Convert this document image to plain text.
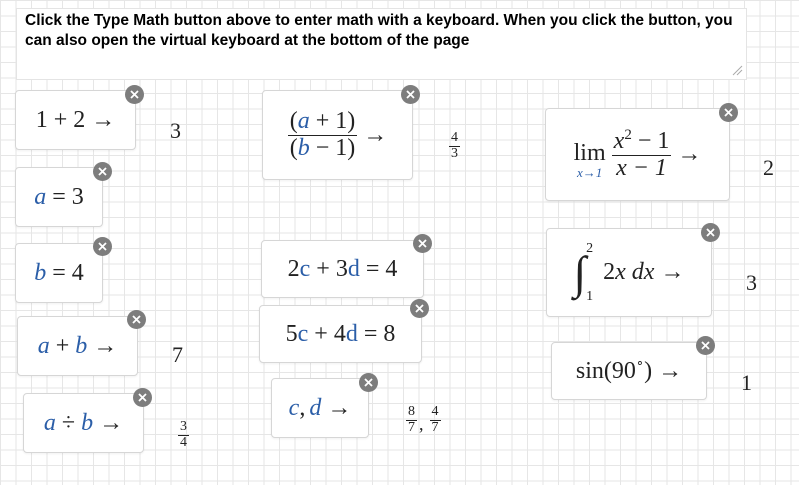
Click the Type Math button above to enter math with a keyboard. When you click the button, you can also open the virtual keyboard at the bottom of the page
1 + 2 → 3
a = 3
b = 4
a + b → 7
a ÷ b →	$\frac{3}{4}$
$\frac{(a + 1)}{(b - 1)}$ →	$\frac{4}{3}$
2 c + 3 d = 4
5 c + 4 d = 8
c , d →	$\frac{8}{7}$ , $\frac{4}{7}$
lim
$x\to 1 \frac{x^2 - 1}{x - 1}$ →
2
∫ 2
1
2 x dx →	3
sin(90∘ ) →	1
